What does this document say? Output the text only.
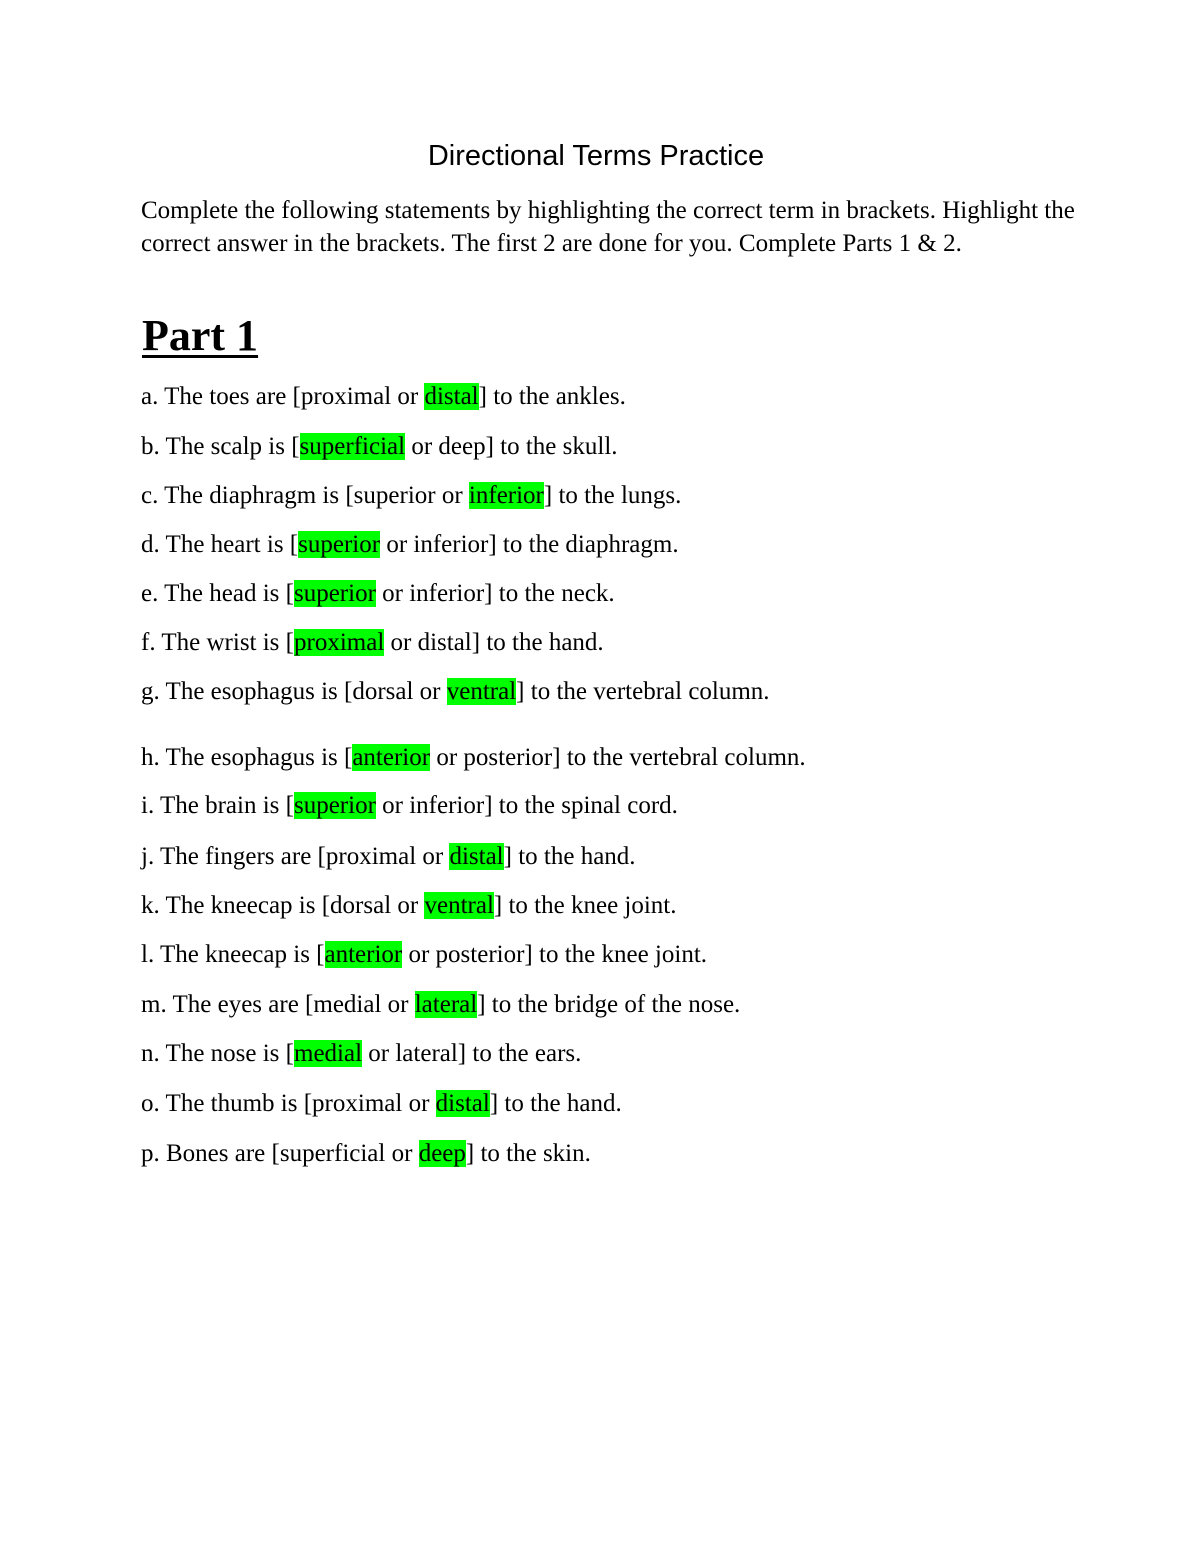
Directional Terms Practice

Complete the following statements by highlighting the correct term in brackets. Highlight the correct answer in the brackets. The first 2 are done for you. Complete Parts 1 & 2.

Part 1
a. The toes are [proximal or distal] to the ankles.
b. The scalp is [superficial or deep] to the skull.
c. The diaphragm is [superior or inferior] to the lungs.
d. The heart is [superior or inferior] to the diaphragm.
e. The head is [superior or inferior] to the neck.
f. The wrist is [proximal or distal] to the hand.
g. The esophagus is [dorsal or ventral] to the vertebral column.
h. The esophagus is [anterior or posterior] to the vertebral column.
i. The brain is [superior or inferior] to the spinal cord.
j. The fingers are [proximal or distal] to the hand.
k. The kneecap is [dorsal or ventral] to the knee joint.
l. The kneecap is [anterior or posterior] to the knee joint.
m. The eyes are [medial or lateral] to the bridge of the nose.
n. The nose is [medial or lateral] to the ears.
o. The thumb is [proximal or distal] to the hand.
p. Bones are [superficial or deep] to the skin.
